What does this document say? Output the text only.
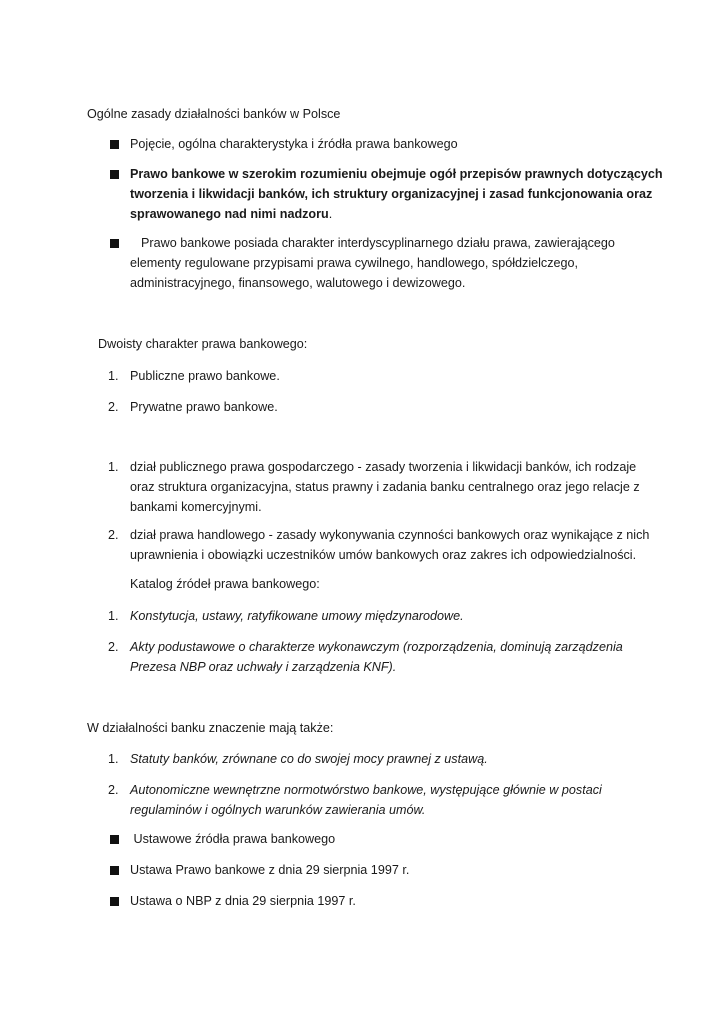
Ogólne zasady działalności banków w Polsce
Pojęcie, ogólna charakterystyka i źródła prawa bankowego
Prawo bankowe w szerokim rozumieniu obejmuje ogół przepisów prawnych dotyczących
tworzenia i likwidacji banków, ich struktury organizacyjnej i zasad funkcjonowania oraz
sprawowanego nad nimi nadzoru.
Prawo bankowe posiada charakter interdyscyplinarnego działu prawa, zawierającego
elementy regulowane przypisami prawa cywilnego, handlowego, spółdzielczego,
administracyjnego, finansowego, walutowego i dewizowego.
Dwoisty charakter prawa bankowego:
1. Publiczne prawo bankowe.
2. Prywatne prawo bankowe.
1. dział publicznego prawa gospodarczego - zasady tworzenia i likwidacji banków, ich rodzaje
oraz struktura organizacyjna, status prawny i zadania banku centralnego oraz jego relacje z
bankami komercyjnymi.
2. dział prawa handlowego - zasady wykonywania czynności bankowych oraz wynikające z nich
uprawnienia i obowiązki uczestników umów bankowych oraz zakres ich odpowiedzialności.
Katalog źródeł prawa bankowego:
1. Konstytucja, ustawy, ratyfikowane umowy międzynarodowe.
2. Akty podustawowe o charakterze wykonawczym (rozporządzenia, dominują zarządzenia
Prezesa NBP oraz uchwały i zarządzenia KNF).
W działalności banku znaczenie mają także:
1. Statuty banków, zrównane co do swojej mocy prawnej z ustawą.
2. Autonomiczne wewnętrzne normotwórstwo bankowe, występujące głównie w postaci
regulaminów i ogólnych warunków zawierania umów.
Ustawowe źródła prawa bankowego
Ustawa Prawo bankowe z dnia 29 sierpnia 1997 r.
Ustawa o NBP z dnia 29 sierpnia 1997 r.
